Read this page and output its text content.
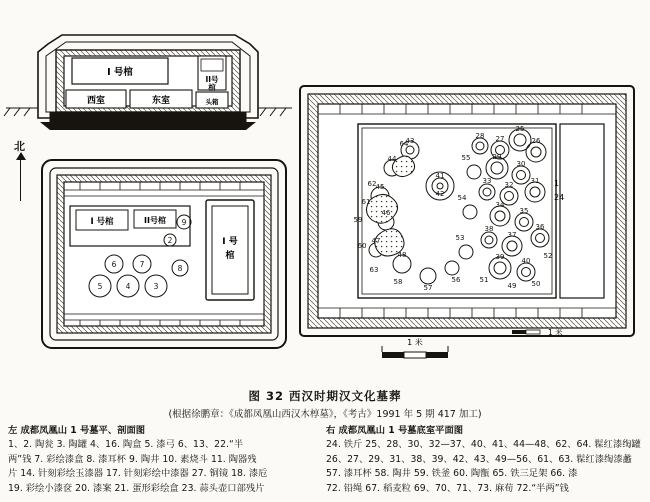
北
I 号棺
II号
棺
西室	东室	头箱
I 号棺	II号棺
I 号
棺
5	4	3
6	7	8
9
2
1
24
1 米
1 米
64
62
61
59
60
63
58
57
56
55
54
53
25
26
27
28
29
30
31
32
33
34
35
36
37
38
39 40
41
42
43
44
45
46
47
48
49 50
51
52
图 32 西汉时期汉文化墓葬
(根据徐鹏章：《成都凤凰山西汉木椁墓》，《考古》1991 年 5 期 417 加工)
左 成都凤凰山 1 号墓平、剖面图
1、2. 陶瓮 3. 陶罐 4、16. 陶盒 5. 漆弓 6、13、22.“半
两”钱 7. 彩绘漆盒 8. 漆耳杯 9. 陶井 10. 素烧斗 11. 陶器残
片 14. 针刻彩绘玉漆器 17. 针刻彩绘中漆器 27. 铜镜 18. 漆卮
19. 彩绘小漆奁 20. 漆案 21. 蛋形彩绘盒 23. 蒜头壶口部残片
右 成都凤凰山 1 号墓底室平面图
24. 铁斤 25、28、30、32—37、40、41、44—48、62、64. 髹红漆绹罐
26、27、29、31、38、39、42、43、49—56、61、63. 髹红漆绹漆蠡
57. 漆耳杯 58. 陶井 59. 铁釜 60. 陶甑 65. 铁三足架 66. 漆
72. 铅绳 67. 稻麦粒 69、70、71、73. 麻荀 72.“半两”钱
